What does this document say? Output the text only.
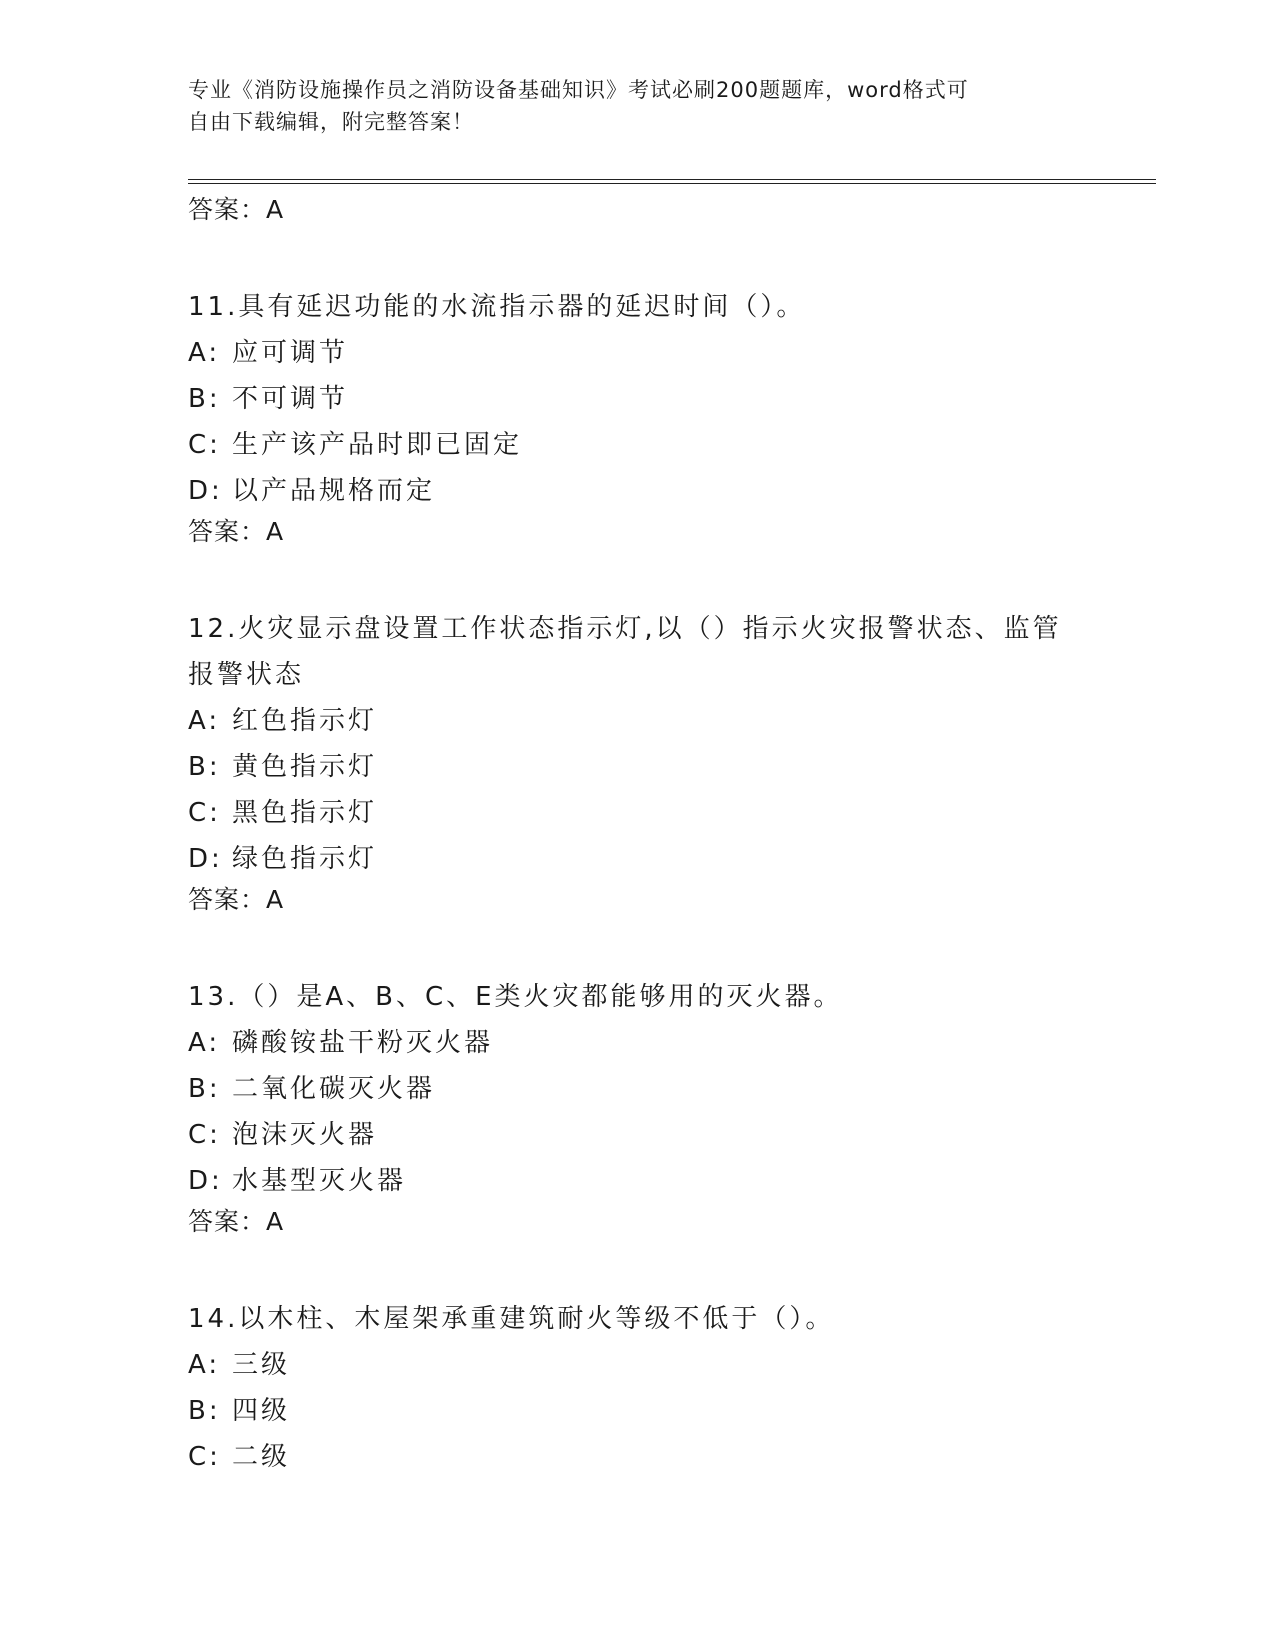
专业《消防设施操作员之消防设备基础知识》考试必刷200题题库，word格式可
自由下载编辑，附完整答案！
答案：A
11.具有延迟功能的水流指示器的延迟时间（）。
A: 应可调节
B: 不可调节
C: 生产该产品时即已固定
D: 以产品规格而定
答案：A
12.火灾显示盘设置工作状态指示灯,以（）指示火灾报警状态、监管报警状态
A: 红色指示灯
B: 黄色指示灯
C: 黑色指示灯
D: 绿色指示灯
答案：A
13.（）是A、B、C、E类火灾都能够用的灭火器。
A: 磷酸铵盐干粉灭火器
B: 二氧化碳灭火器
C: 泡沫灭火器
D: 水基型灭火器
答案：A
14.以木柱、木屋架承重建筑耐火等级不低于（）。
A: 三级
B: 四级
C: 二级
